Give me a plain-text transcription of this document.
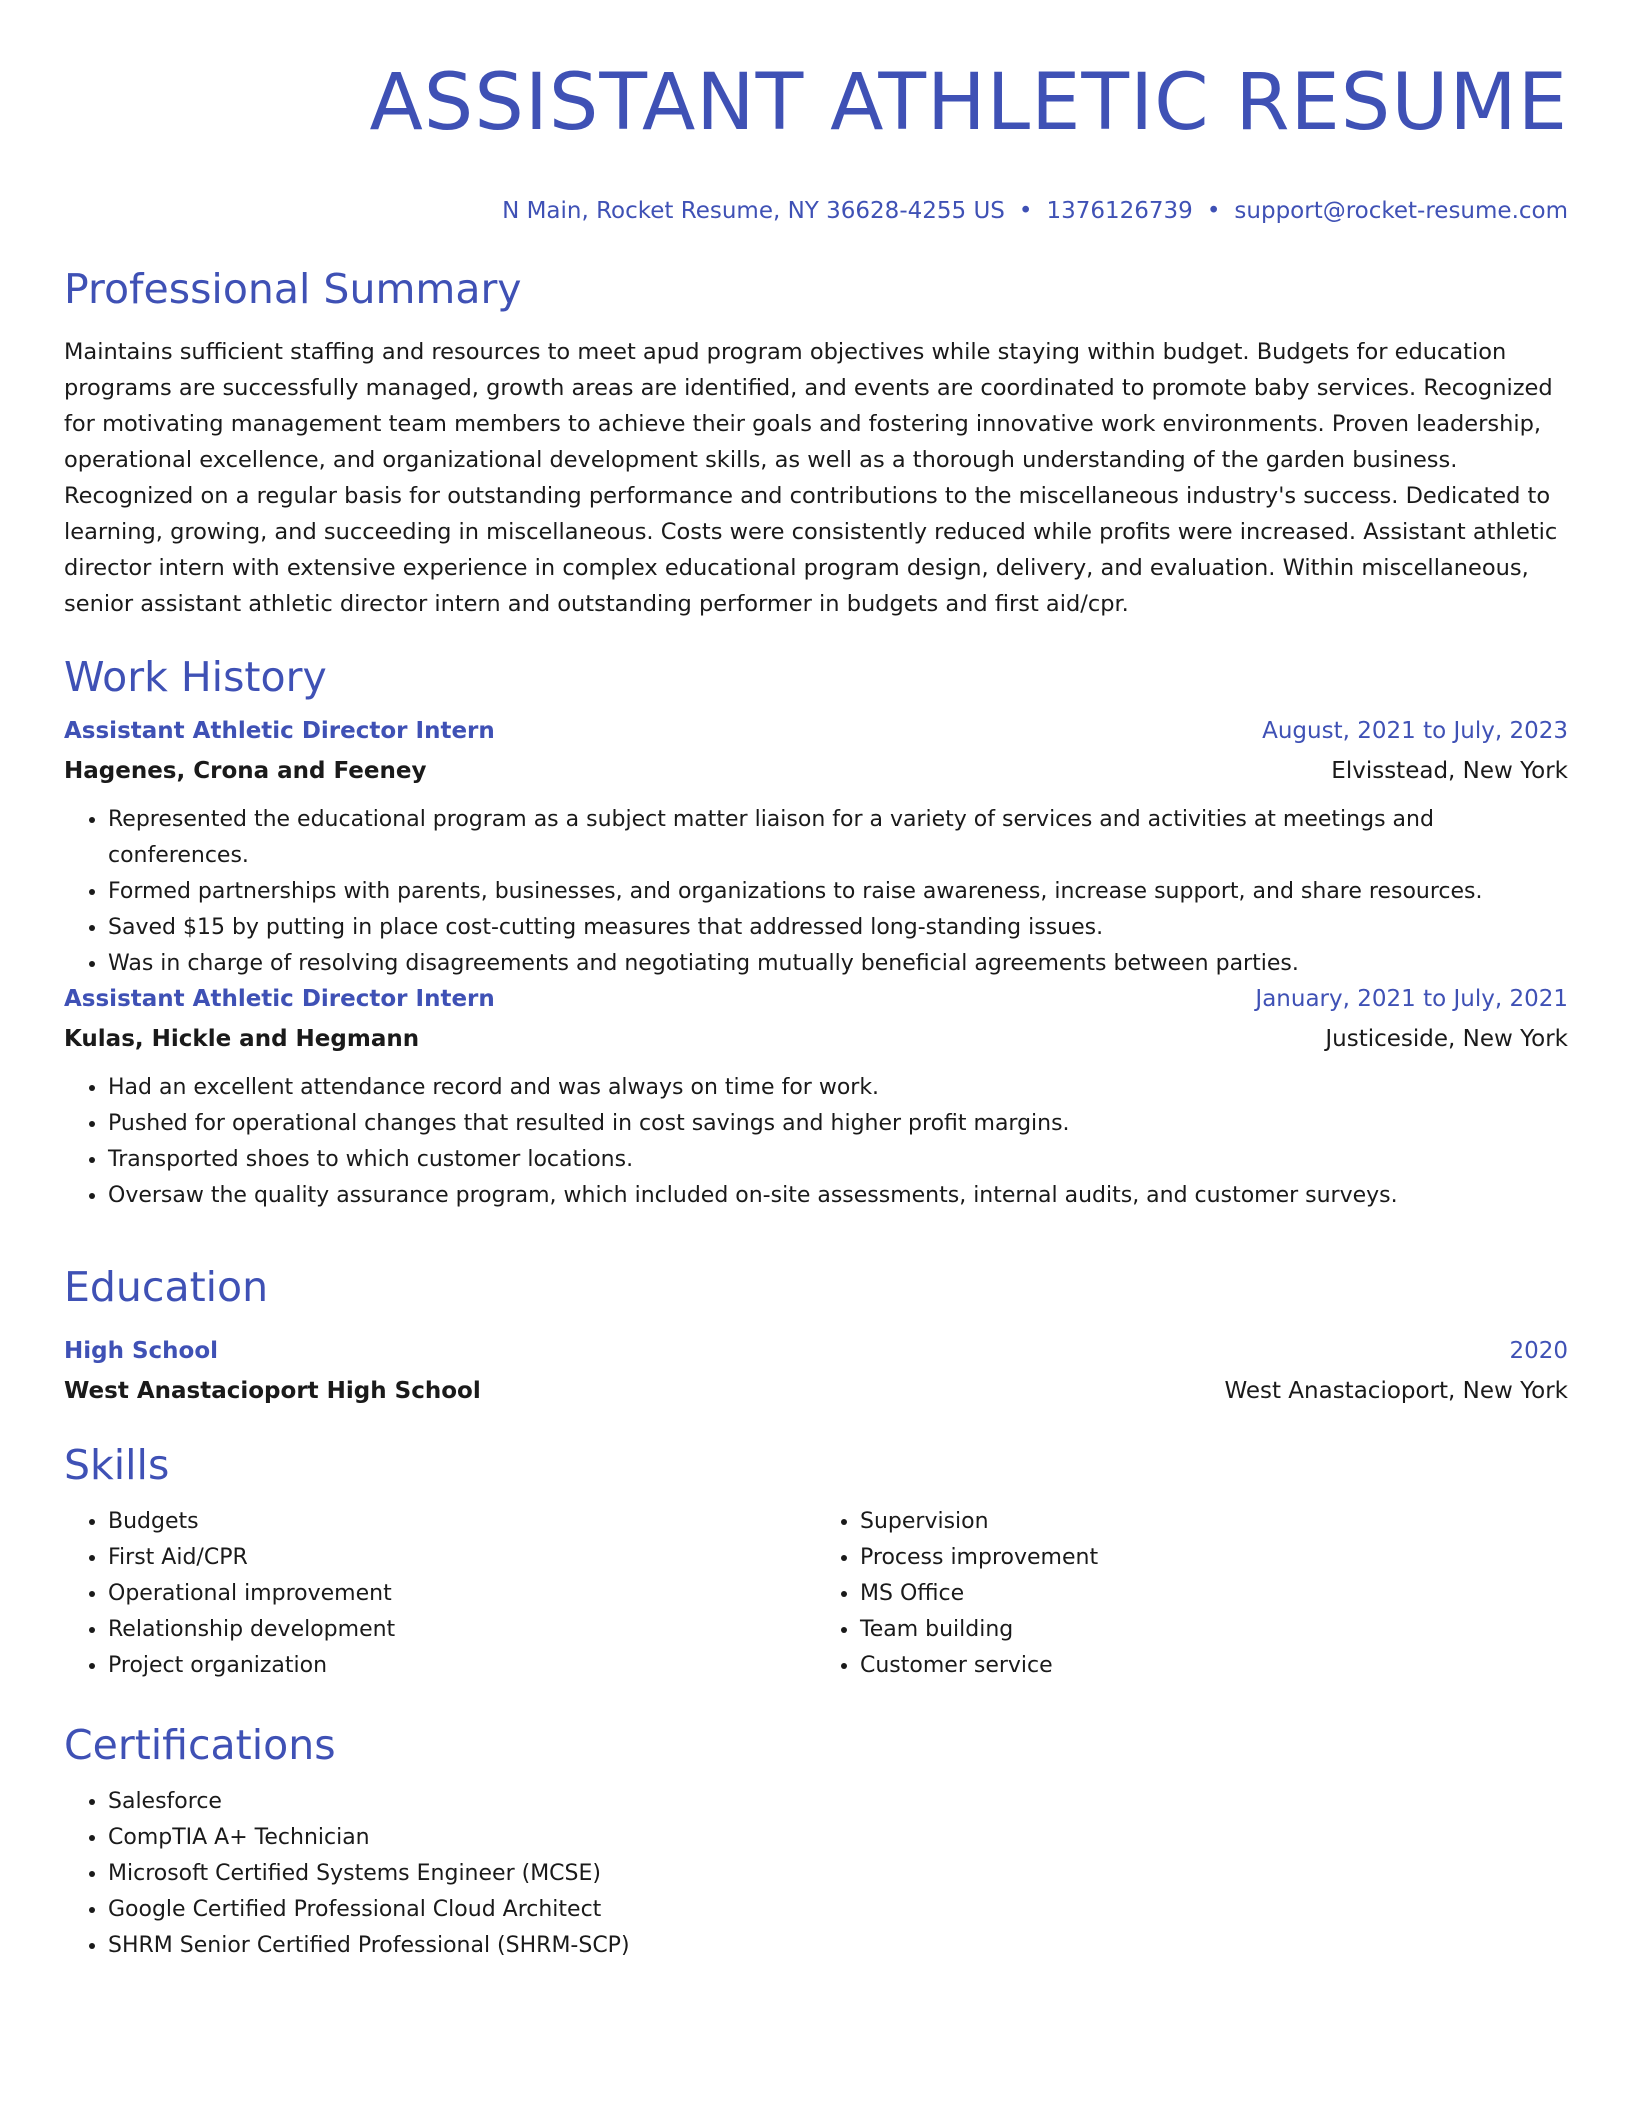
ASSISTANT ATHLETIC RESUME
N Main, Rocket Resume, NY 36628-4255 US • 1376126739 • support@rocket-resume.com
Professional Summary

Maintains sufficient staffing and resources to meet apud program objectives while staying within budget. Budgets for education programs are successfully managed, growth areas are identified, and events are coordinated to promote baby services. Recognized for motivating management team members to achieve their goals and fostering innovative work environments. Proven leadership, operational excellence, and organizational development skills, as well as a thorough understanding of the garden business. Recognized on a regular basis for outstanding performance and contributions to the miscellaneous industry's success. Dedicated to learning, growing, and succeeding in miscellaneous. Costs were consistently reduced while profits were increased. Assistant athletic director intern with extensive experience in complex educational program design, delivery, and evaluation. Within miscellaneous, senior assistant athletic director intern and outstanding performer in budgets and first aid/cpr.

Work History
Assistant Athletic Director Intern	August, 2021 to July, 2023
Hagenes, Crona and Feeney	Elvisstead, New York
• Represented the educational program as a subject matter liaison for a variety of services and activities at meetings and conferences.
• Formed partnerships with parents, businesses, and organizations to raise awareness, increase support, and share resources.
• Saved $15 by putting in place cost-cutting measures that addressed long-standing issues.
• Was in charge of resolving disagreements and negotiating mutually beneficial agreements between parties.
Assistant Athletic Director Intern	January, 2021 to July, 2021
Kulas, Hickle and Hegmann	Justiceside, New York
• Had an excellent attendance record and was always on time for work.
• Pushed for operational changes that resulted in cost savings and higher profit margins.
• Transported shoes to which customer locations.
• Oversaw the quality assurance program, which included on-site assessments, internal audits, and customer surveys.
Education
High School	2020
West Anastacioport High School	West Anastacioport, New York
Skills
• Budgets
• First Aid/CPR
• Operational improvement
• Relationship development
• Project organization
• Supervision
• Process improvement
• MS Office
• Team building
• Customer service
Certifications
• Salesforce
• CompTIA A+ Technician
• Microsoft Certified Systems Engineer (MCSE)
• Google Certified Professional Cloud Architect
• SHRM Senior Certified Professional (SHRM-SCP)
